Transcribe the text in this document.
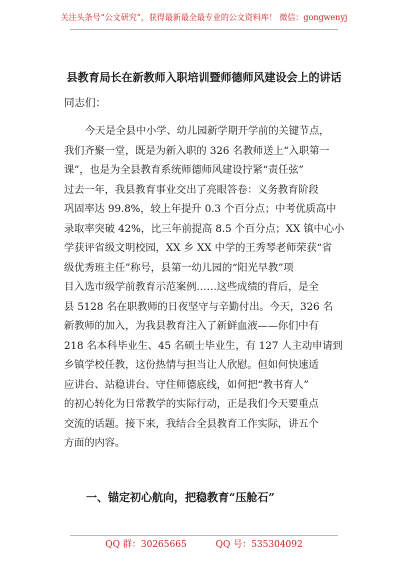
关注头条号“公文研究”，获得最新最全最专业的公文资料库！ 微信：gongwenyj
县教育局长在新教师入职培训暨师德师风建设会上的讲话
同志们：
今天是全县中小学、幼儿园新学期开学前的关键节点，
我们齐聚一堂，既是为新入职的 326 名教师送上“入职第一
课”，也是为全县教育系统师德师风建设拧紧“责任弦”
过去一年，我县教育事业交出了亮眼答卷：义务教育阶段
巩固率达 99.8%，较上年提升 0.3 个百分点；中考优质高中
录取率突破 42%，比三年前提高 8.5 个百分点；XX 镇中心小
学获评省级文明校园，XX 乡 XX 中学的王秀琴老师荣获“省
级优秀班主任”称号，县第一幼儿园的“阳光早教”项
目入选市级学前教育示范案例……这些成绩的背后，是全
县 5128 名在职教师的日夜坚守与辛勤付出。今天，326 名
新教师的加入，为我县教育注入了新鲜血液——你们中有
218 名本科毕业生、45 名硕士毕业生，有 127 人主动申请到
乡镇学校任教，这份热情与担当让人欣慰。但如何快速适
应讲台、站稳讲台、守住师德底线，如何把“教书育人”
的初心转化为日常教学的实际行动，正是我们今天要重点
交流的话题。接下来，我结合全县教育工作实际，讲五个
方面的内容。
一、锚定初心航向，把稳教育“压舱石”
QQ 群：30265665	QQ 号：535304092
